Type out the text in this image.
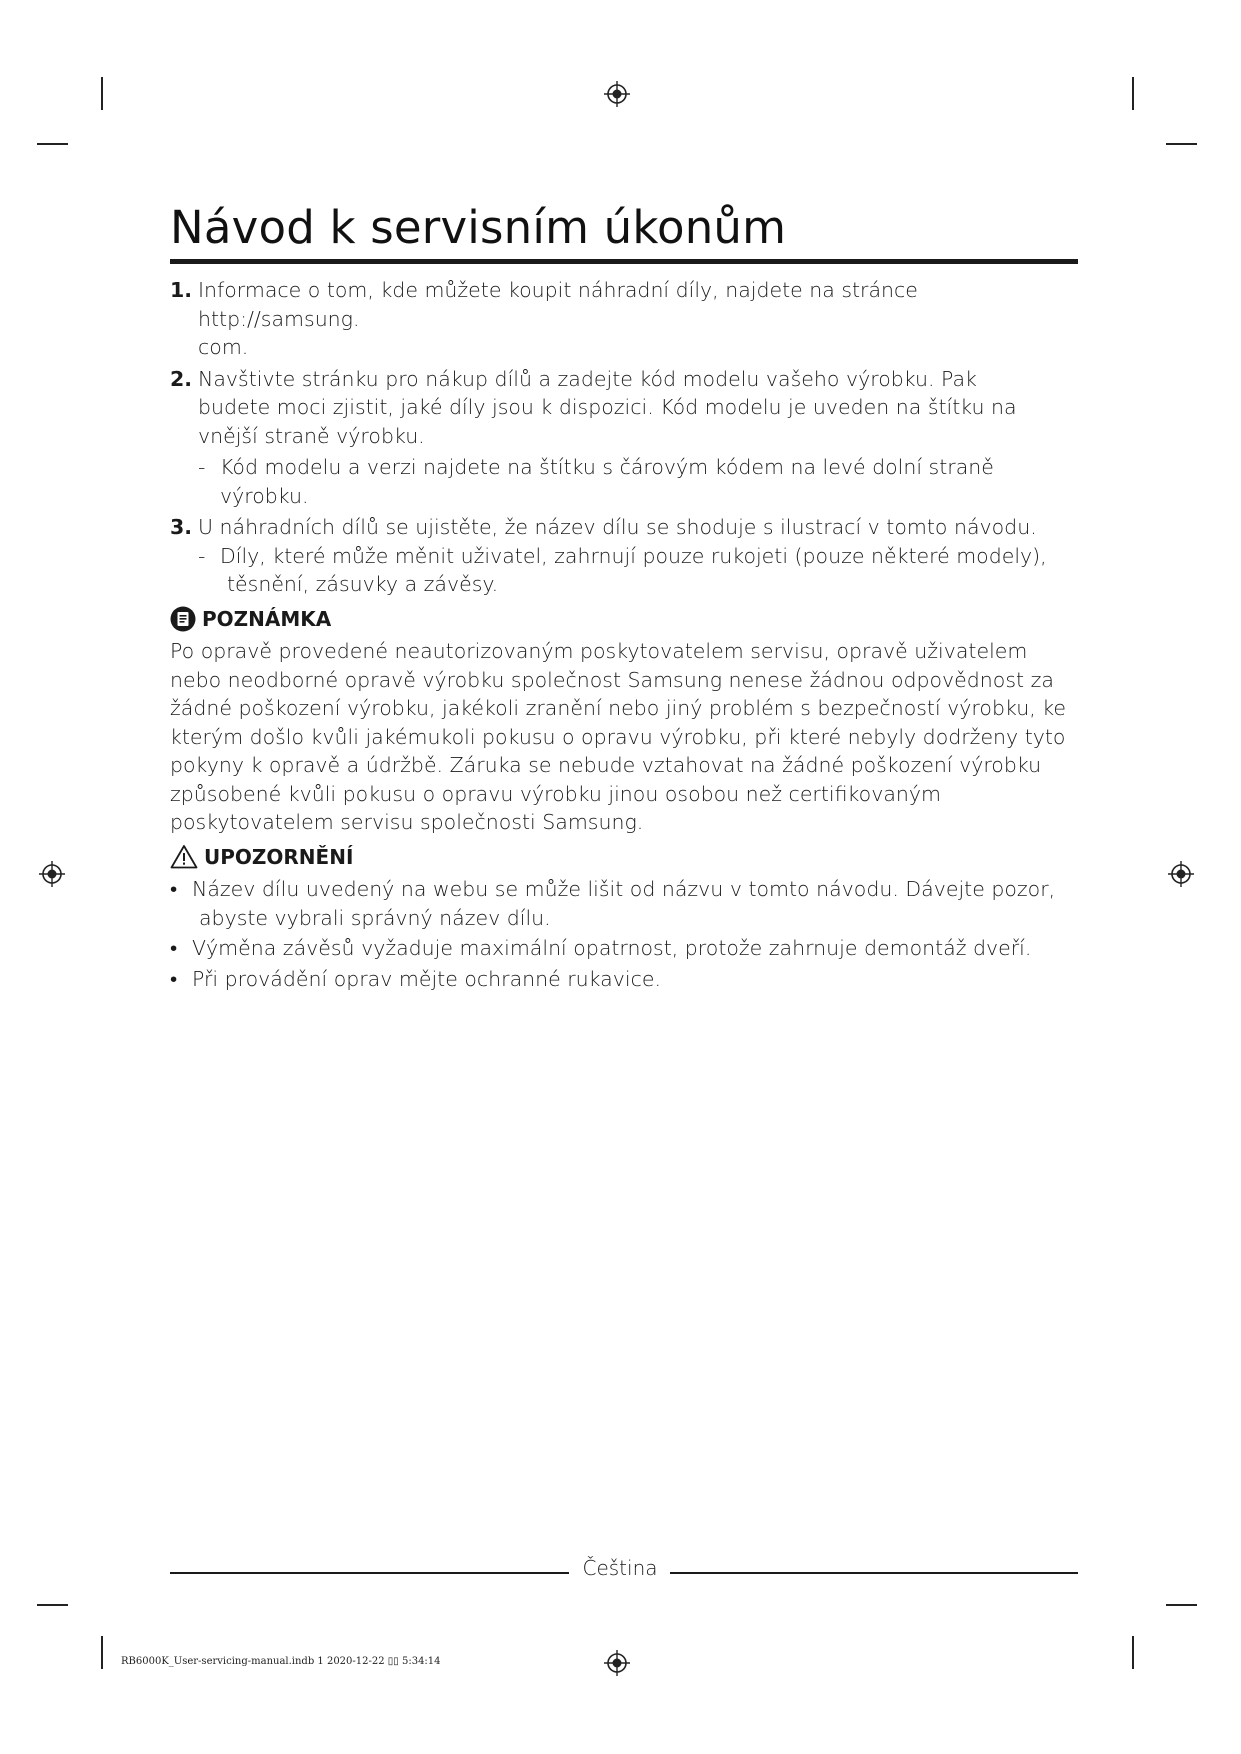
Návod k servisním úkonům
1. Informace o tom, kde můžete koupit náhradní díly, najdete na stránce http://samsung.
com.
2. Navštivte stránku pro nákup dílů a zadejte kód modelu vašeho výrobku. Pak budete moci zjistit, jaké díly jsou k dispozici. Kód modelu je uveden na štítku na vnější straně výrobku.
- Kód modelu a verzi najdete na štítku s čárovým kódem na levé dolní straně výrobku.
3. U náhradních dílů se ujistěte, že název dílu se shoduje s ilustrací v tomto návodu.
- Díly, které může měnit uživatel, zahrnují pouze rukojeti (pouze některé modely),
těsnění, zásuvky a závěsy.
POZNÁMKA

Po opravě provedené neautorizovaným poskytovatelem servisu, opravě uživatelem nebo neodborné opravě výrobku společnost Samsung nenese žádnou odpovědnost za žádné poškození výrobku, jakékoli zranění nebo jiný problém s bezpečností výrobku, ke kterým došlo kvůli jakémukoli pokusu o opravu výrobku, při které nebyly dodrženy tyto pokyny k opravě a údržbě. Záruka se nebude vztahovat na žádné poškození výrobku způsobené kvůli pokusu o opravu výrobku jinou osobou než certifikovaným poskytovatelem servisu společnosti Samsung.

UPOZORNĚNÍ
• Název dílu uvedený na webu se může lišit od názvu v tomto návodu. Dávejte pozor,
abyste vybrali správný název dílu.
• Výměna závěsů vyžaduje maximální opatrnost, protože zahrnuje demontáž dveří.
• Při provádění oprav mějte ochranné rukavice.
Čeština
RB6000K_User-servicing-manual.indb 1 2020-12-22 ▯▯ 5:34:14
